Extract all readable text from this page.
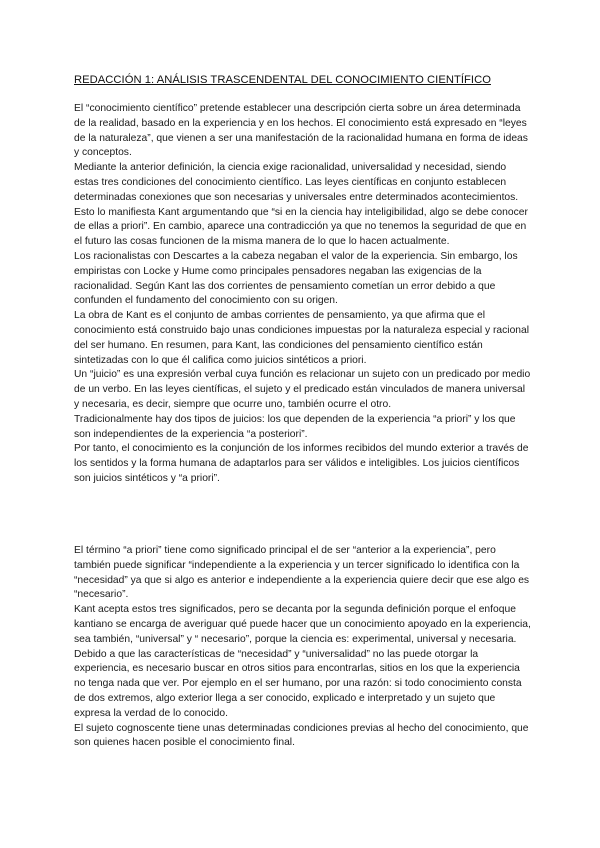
REDACCIÓN 1: ANÁLISIS TRASCENDENTAL DEL CONOCIMIENTO CIENTÍFICO

El “conocimiento científico” pretende establecer una descripción cierta sobre un área determinada de la realidad, basado en la experiencia y en los hechos. El conocimiento está expresado en “leyes de la naturaleza”, que vienen a ser una manifestación de la racionalidad humana en forma de ideas y conceptos.

Mediante la anterior definición, la ciencia exige racionalidad, universalidad y necesidad, siendo estas tres condiciones del conocimiento científico. Las leyes científicas en conjunto establecen determinadas conexiones que son necesarias y universales entre determinados acontecimientos.

Esto lo manifiesta Kant argumentando que “si en la ciencia hay inteligibilidad, algo se debe conocer de ellas a priori”. En cambio, aparece una contradicción ya que no tenemos la seguridad de que en el futuro las cosas funcionen de la misma manera de lo que lo hacen actualmente.

Los racionalistas con Descartes a la cabeza negaban el valor de la experiencia. Sin embargo, los empiristas con Locke y Hume como principales pensadores negaban las exigencias de la racionalidad. Según Kant las dos corrientes de pensamiento cometían un error debido a que confunden el fundamento del conocimiento con su origen.

La obra de Kant es el conjunto de ambas corrientes de pensamiento, ya que afirma que el conocimiento está construido bajo unas condiciones impuestas por la naturaleza especial y racional del ser humano. En resumen, para Kant, las condiciones del pensamiento científico están sintetizadas con lo que él califica como juicios sintéticos a priori.

Un “juicio” es una expresión verbal cuya función es relacionar un sujeto con un predicado por medio de un verbo. En las leyes científicas, el sujeto y el predicado están vinculados de manera universal y necesaria, es decir, siempre que ocurre uno, también ocurre el otro.

Tradicionalmente hay dos tipos de juicios: los que dependen de la experiencia “a priori” y los que son independientes de la experiencia “a posteriori”.

Por tanto, el conocimiento es la conjunción de los informes recibidos del mundo exterior a través de los sentidos y la forma humana de adaptarlos para ser válidos e inteligibles. Los juicios científicos son juicios sintéticos y “a priori”.

El término “a priori” tiene como significado principal el de ser “anterior a la experiencia”, pero también puede significar “independiente a la experiencia y un tercer significado lo identifica con la “necesidad” ya que si algo es anterior e independiente a la experiencia quiere decir que ese algo es “necesario”.

Kant acepta estos tres significados, pero se decanta por la segunda definición porque el enfoque kantiano se encarga de averiguar qué puede hacer que un conocimiento apoyado en la experiencia, sea también, “universal” y “ necesario”, porque la ciencia es: experimental, universal y necesaria.

Debido a que las características de “necesidad” y “universalidad” no las puede otorgar la experiencia, es necesario buscar en otros sitios para encontrarlas, sitios en los que la experiencia no tenga nada que ver. Por ejemplo en el ser humano, por una razón: si todo conocimiento consta de dos extremos, algo exterior llega a ser conocido, explicado e interpretado y un sujeto que expresa la verdad de lo conocido.

El sujeto cognoscente tiene unas determinadas condiciones previas al hecho del conocimiento, que son quienes hacen posible el conocimiento final.
